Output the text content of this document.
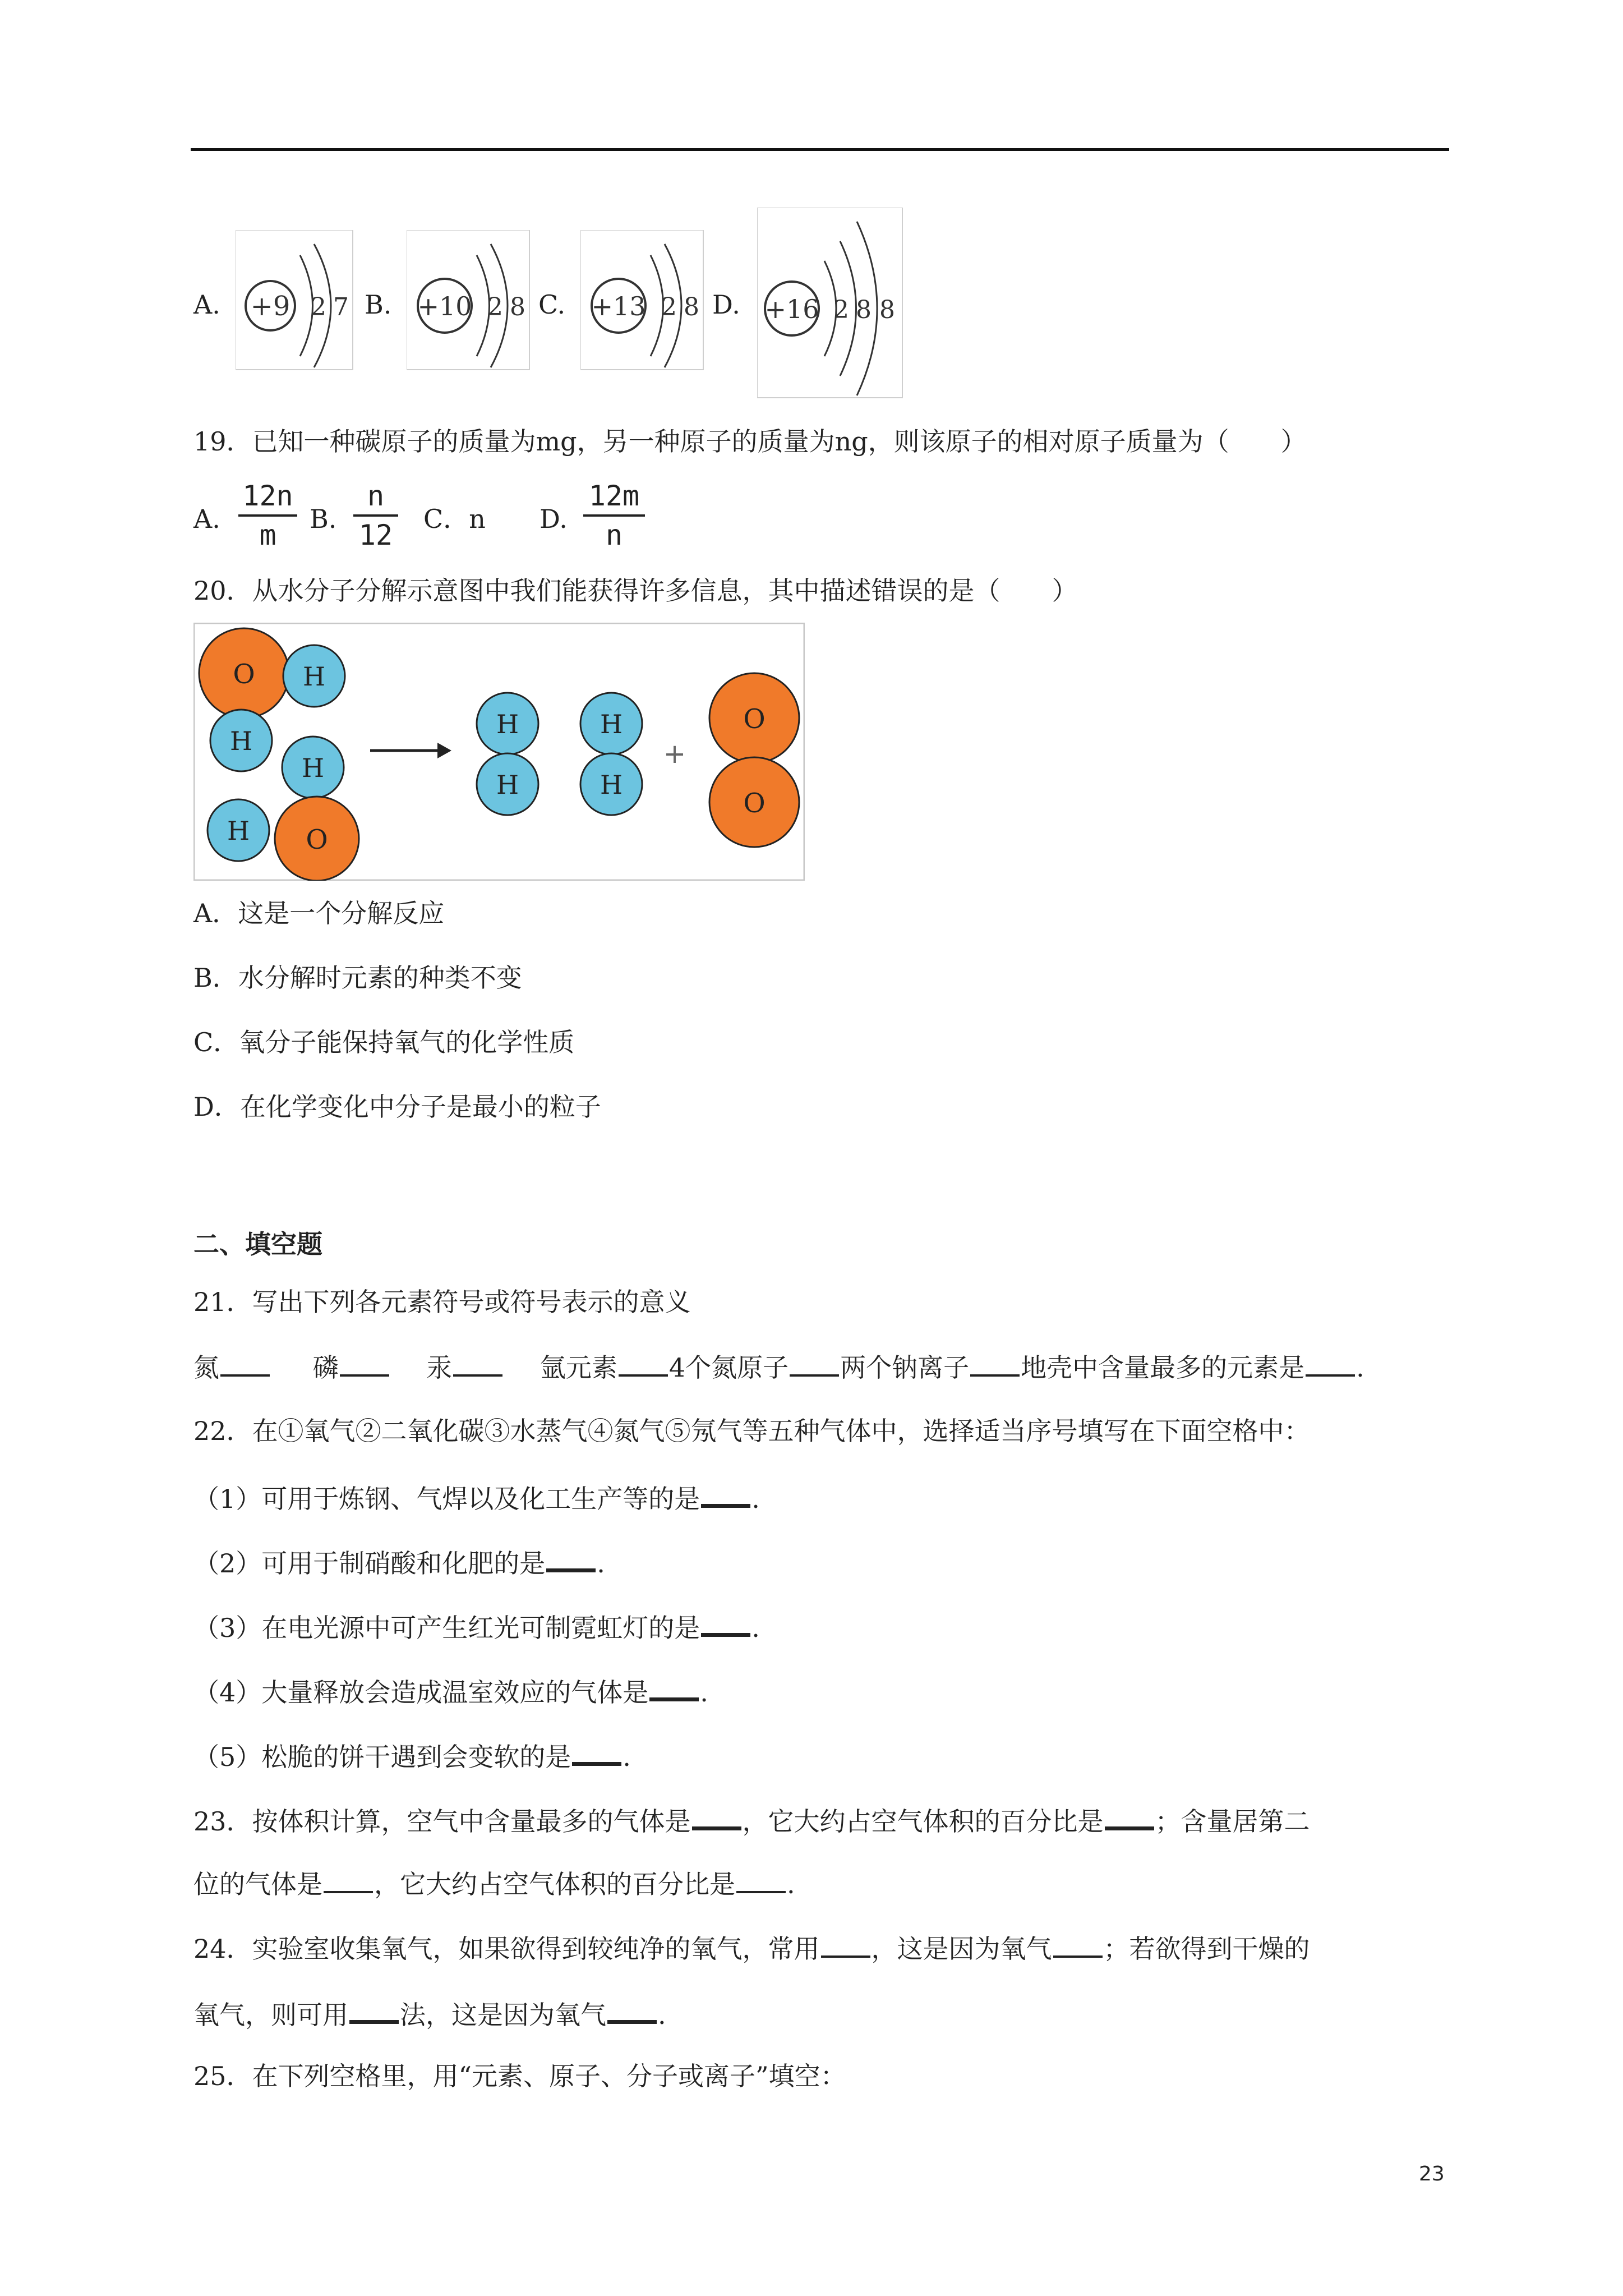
A. +9 2 7 B. +10 2 8 C. +13 2 8 D. +16 2 8 8
19．已知一种碳原子的质量为mg，另一种原子的质量为ng，则该原子的相对原子质量为（　　）
A.
12n
m B.
n
12 C．n D.
12m
n
20．从水分子分解示意图中我们能获得许多信息，其中描述错误的是（　　）
O H
H
H
O
H
H
H
H
H
+
O
O
A．这是一个分解反应
B．水分解时元素的种类不变
C．氧分子能保持氧气的化学性质
D．在化学变化中分子是最小的粒子
二、填空题
21．写出下列各元素符号或符号表示的意义
氮	磷	汞	氩元素 4个氮原子 两个钠离子 地壳中含量最多的元素是 .
22．在①氧气②二氧化碳③水蒸气④氮气⑤氖气等五种气体中，选择适当序号填写在下面空格中：
（1）可用于炼钢、气焊以及化工生产等的是 .
（2）可用于制硝酸和化肥的是 .
（3）在电光源中可产生红光可制霓虹灯的是 .
（4）大量释放会造成温室效应的气体是 .
（5）松脆的饼干遇到会变软的是 .
23．按体积计算，空气中含量最多的气体是 ，它大约占空气体积的百分比是 ；含量居第二
位的气体是 ，它大约占空气体积的百分比是 .
24．实验室收集氧气，如果欲得到较纯净的氧气，常用 ，这是因为氧气 ；若欲得到干燥的
氧气，则可用 法，这是因为氧气 .
25．在下列空格里，用“元素、原子、分子或离子”填空：
23
